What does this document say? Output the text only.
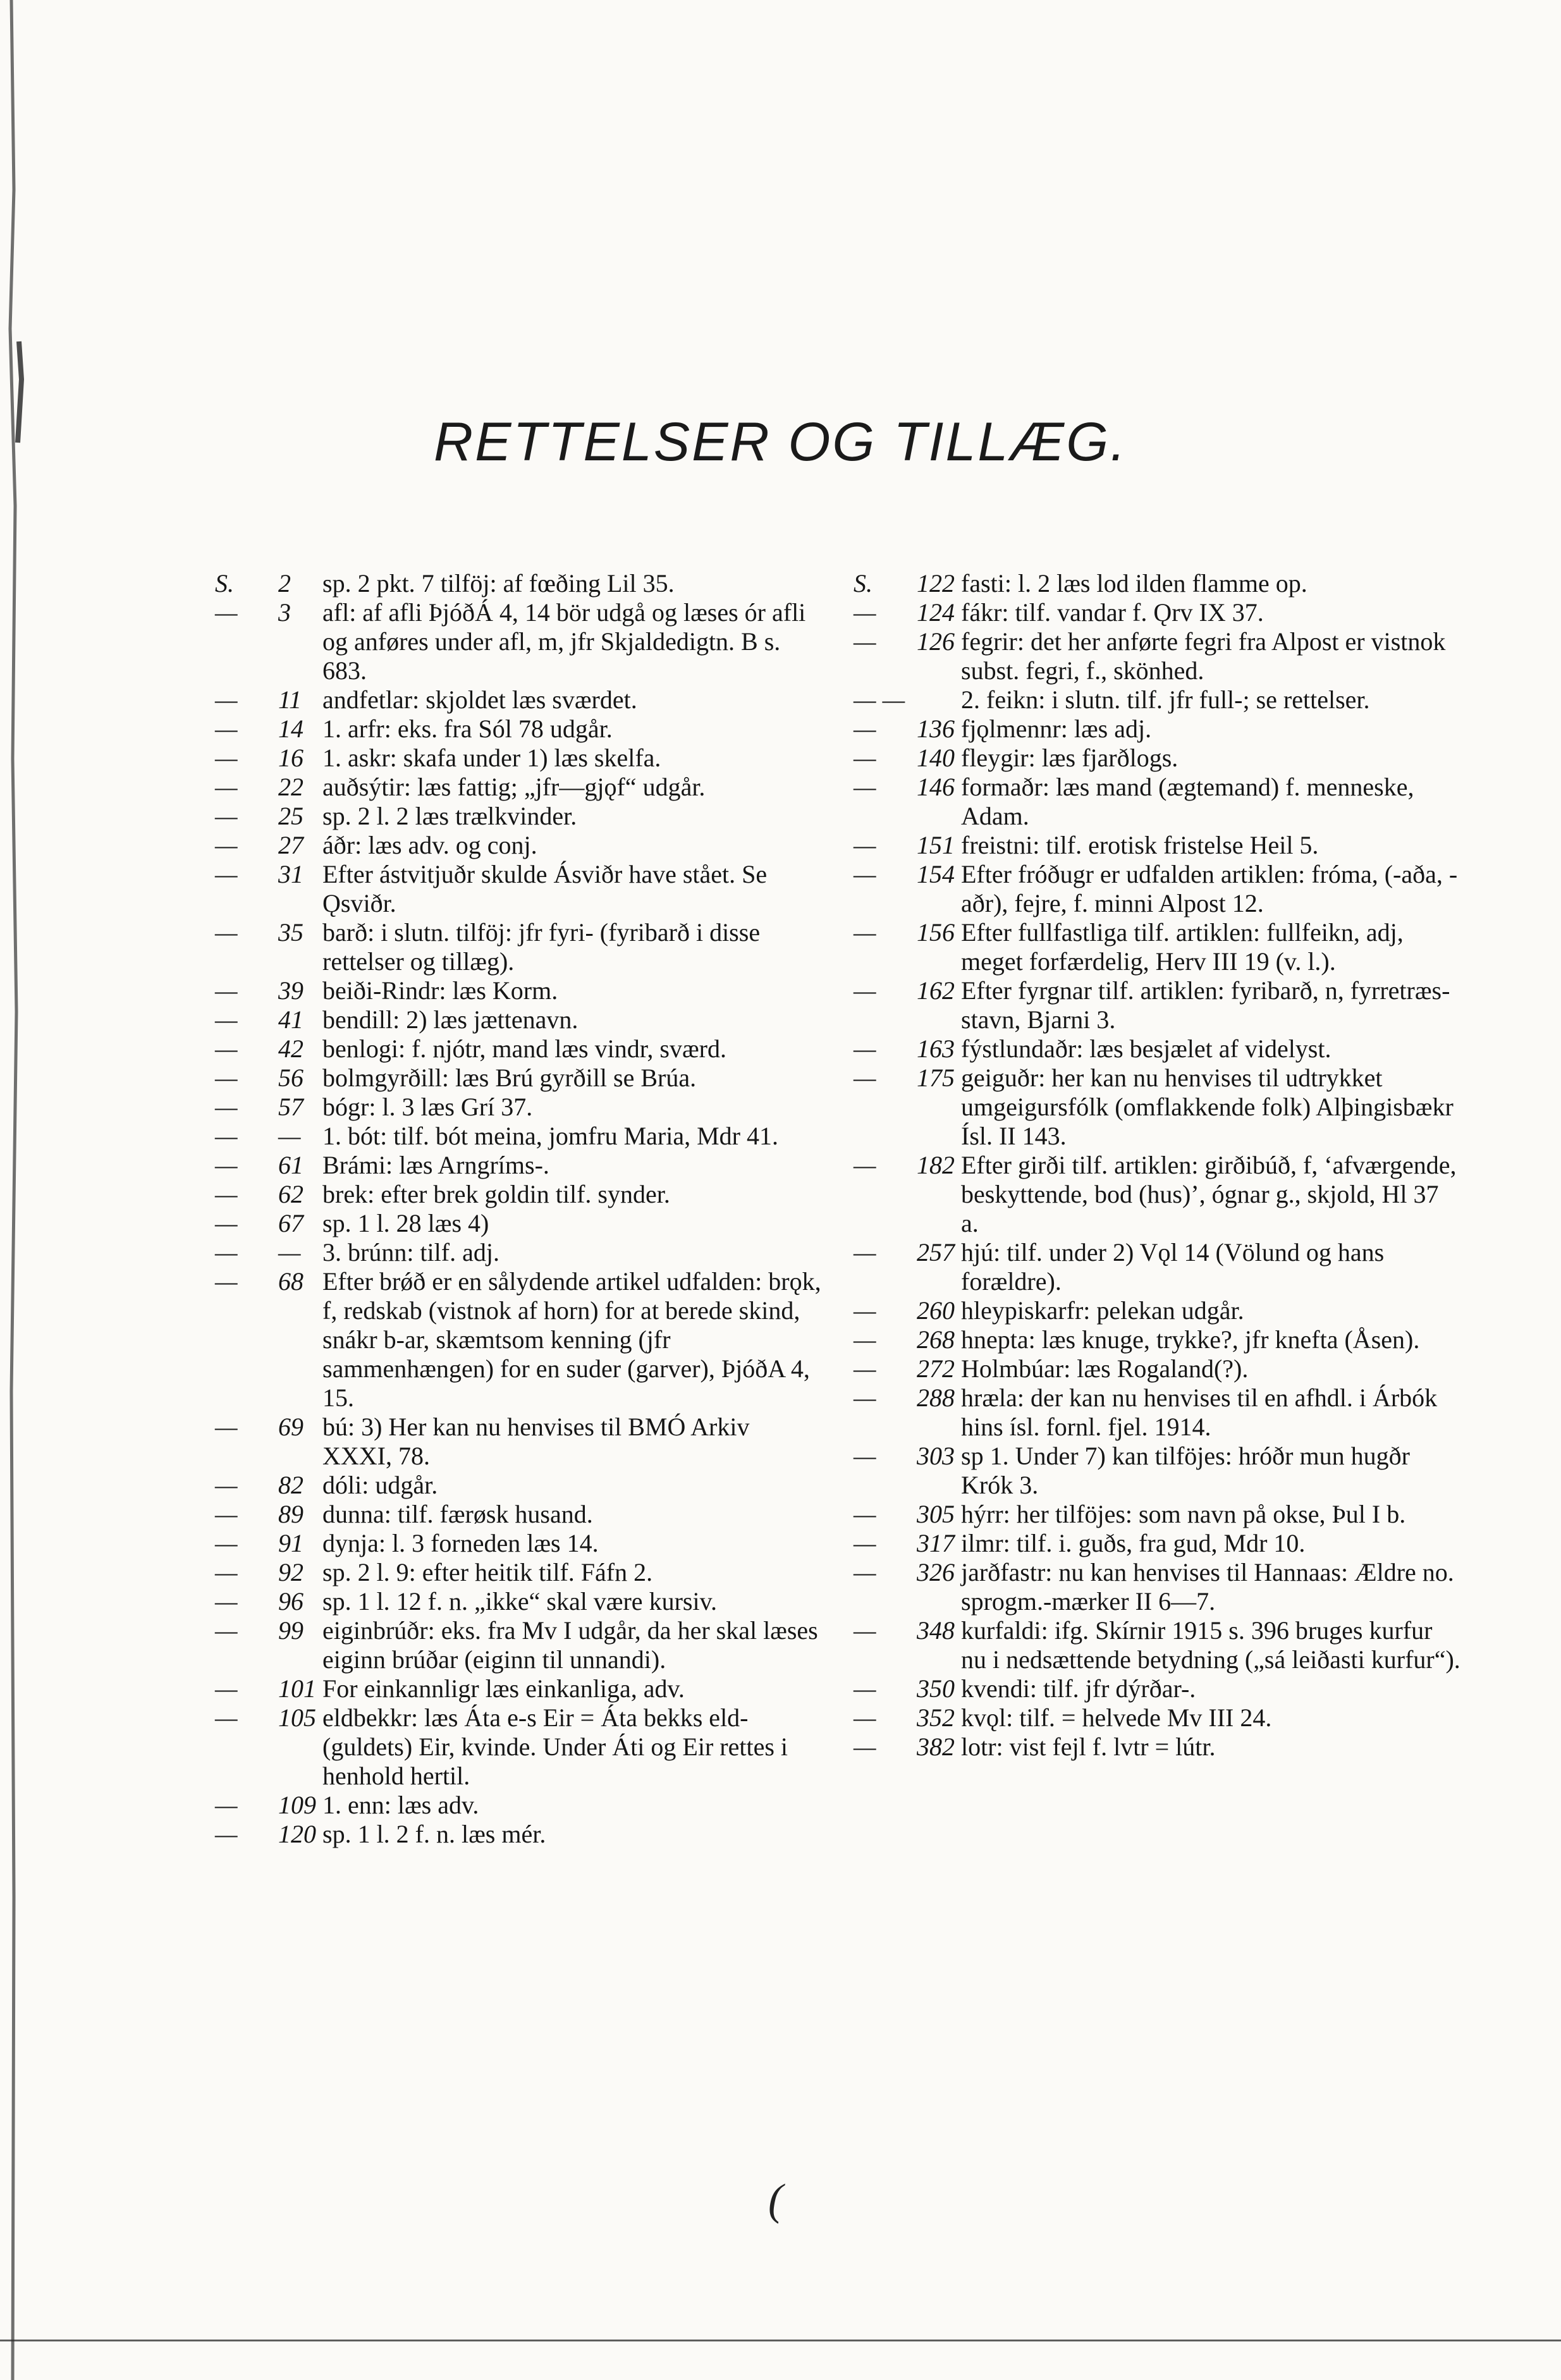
RETTELSER OG TILLÆG.
S. 2	sp. 2 pkt. 7 tilföj: af fœðing Lil 35.
— 3	afl: af afli ÞjóðÁ 4, 14 bör udgå og læses ór afli og anføres under afl, m, jfr Skjaldedigtn. B s. 683.
— 11 andfetlar: skjoldet læs sværdet.
— 14 1. arfr: eks. fra Sól 78 udgår.
— 16 1. askr: skafa under 1) læs skelfa.
— 22 auðsýtir: læs fattig; „jfr—gjǫf“ udgår.
— 25 sp. 2 l. 2 læs trælkvinder.
— 27 áðr: læs adv. og conj.
— 31 Efter ástvitjuðr skulde Ásviðr have stået. Se Ǫsviðr.
— 35 barð: i slutn. tilföj: jfr fyri- (fyribarð i disse rettelser og tillæg).
— 39 beiði-Rindr: læs Korm.
— 41 bendill: 2) læs jættenavn.
— 42 benlogi: f. njótr, mand læs vindr, sværd.
— 56 bolmgyrðill: læs Brú gyrðill se Brúa.
— 57 bógr: l. 3 læs Grí 37.
— — 1. bót: tilf. bót meina, jomfru Maria, Mdr 41.
— 61 Brámi: læs Arngríms-.
— 62 brek: efter brek goldin tilf. synder.
— 67 sp. 1 l. 28 læs 4)
— — 3. brúnn: tilf. adj.
— 68 Efter brǿð er en sålydende artikel udfalden: brǫk, f, redskab (vistnok af horn) for at berede skind, snákr b-ar, skæmtsom kenning (jfr sammenhængen) for en suder (garver), ÞjóðA 4, 15.
— 69 bú: 3) Her kan nu henvises til BMÓ Arkiv XXXI, 78.
— 82 dóli: udgår.
— 89 dunna: tilf. færøsk husand.
— 91 dynja: l. 3 forneden læs 14.
— 92 sp. 2 l. 9: efter heitik tilf. Fáfn 2.
— 96 sp. 1 l. 12 f. n. „ikke“ skal være kursiv.
— 99 eiginbrúðr: eks. fra Mv I udgår, da her skal læses eiginn brúðar (eiginn til unnandi).
— 101 For einkannligr læs einkanliga, adv.
— 105 eldbekkr: læs Áta e-s Eir = Áta bekks eld- (guldets) Eir, kvinde. Under Áti og Eir rettes i henhold hertil.
— 109 1. enn: læs adv.
— 120 sp. 1 l. 2 f. n. læs mér.
S. 122 fasti: l. 2 læs lod ilden flamme op.
— 124 fákr: tilf. vandar f. Ǫrv IX 37.
— 126 fegrir: det her anførte fegri fra Alpost er vistnok subst. fegri, f., skönhed.
— —	2. feikn: i slutn. tilf. jfr full-; se rettelser.
— 136 fjǫlmennr: læs adj.
— 140 fleygir: læs fjarðlogs.
— 146 formaðr: læs mand (ægtemand) f. menneske, Adam.
— 151 freistni: tilf. erotisk fristelse Heil 5.
— 154 Efter fróðugr er udfalden artiklen: fróma, (-aða, -aðr), fejre, f. minni Alpost 12.
— 156 Efter fullfastliga tilf. artiklen: fullfeikn, adj, meget forfærdelig, Herv III 19 (v. l.).
— 162 Efter fyrgnar tilf. artiklen: fyribarð, n, fyrretræs-stavn, Bjarni 3.
— 163 fýstlundaðr: læs besjælet af videlyst.
— 175 geiguðr: her kan nu henvises til udtrykket umgeigursfólk (omflakkende folk) Alþingisbækr Ísl. II 143.
— 182 Efter girði tilf. artiklen: girðibúð, f, ‘afværgende, beskyttende, bod (hus)’, ógnar g., skjold, Hl 37 a.
— 257 hjú: tilf. under 2) Vǫl 14 (Völund og hans forældre).
— 260 hleypiskarfr: pelekan udgår.
— 268 hnepta: læs knuge, trykke?, jfr knefta (Åsen).
— 272 Holmbúar: læs Rogaland(?).
— 288 hræla: der kan nu henvises til en afhdl. i Árbók hins ísl. fornl. fjel. 1914.
— 303 sp 1. Under 7) kan tilföjes: hróðr mun hugðr Krók 3.
— 305 hýrr: her tilföjes: som navn på okse, Þul I b.
— 317 ilmr: tilf. i. guðs, fra gud, Mdr 10.
— 326 jarðfastr: nu kan henvises til Hannaas: Ældre no. sprogm.-mærker II 6—7.
— 348 kurfaldi: ifg. Skírnir 1915 s. 396 bruges kurfur nu i nedsættende betydning („sá leiðasti kurfur“).
— 350 kvendi: tilf. jfr dýrðar-.
— 352 kvǫl: tilf. = helvede Mv III 24.
— 382 lotr: vist fejl f. lvtr = lútr.
(
